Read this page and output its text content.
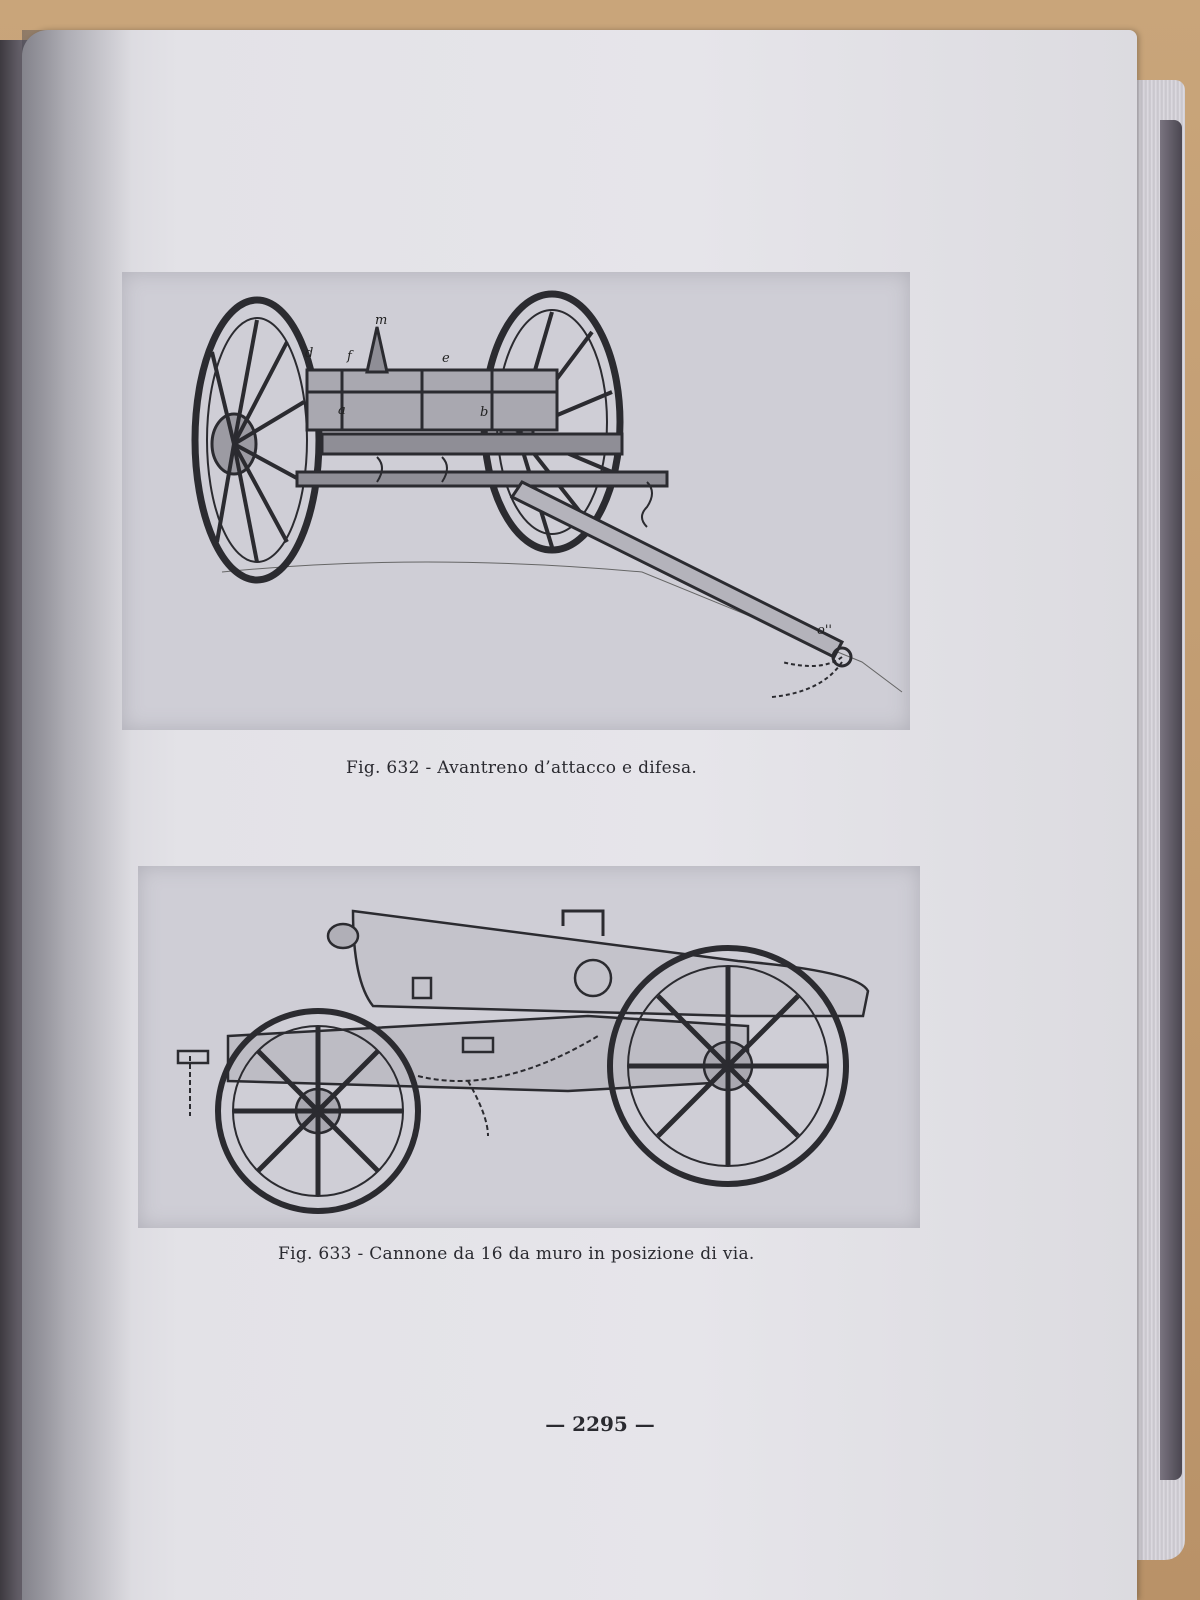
m
d	f	e
a	b
o''
Fig. 632 - Avantreno d’attacco e difesa.
Fig. 633 - Cannone da 16 da muro in posizione di via.
— 2295 —
